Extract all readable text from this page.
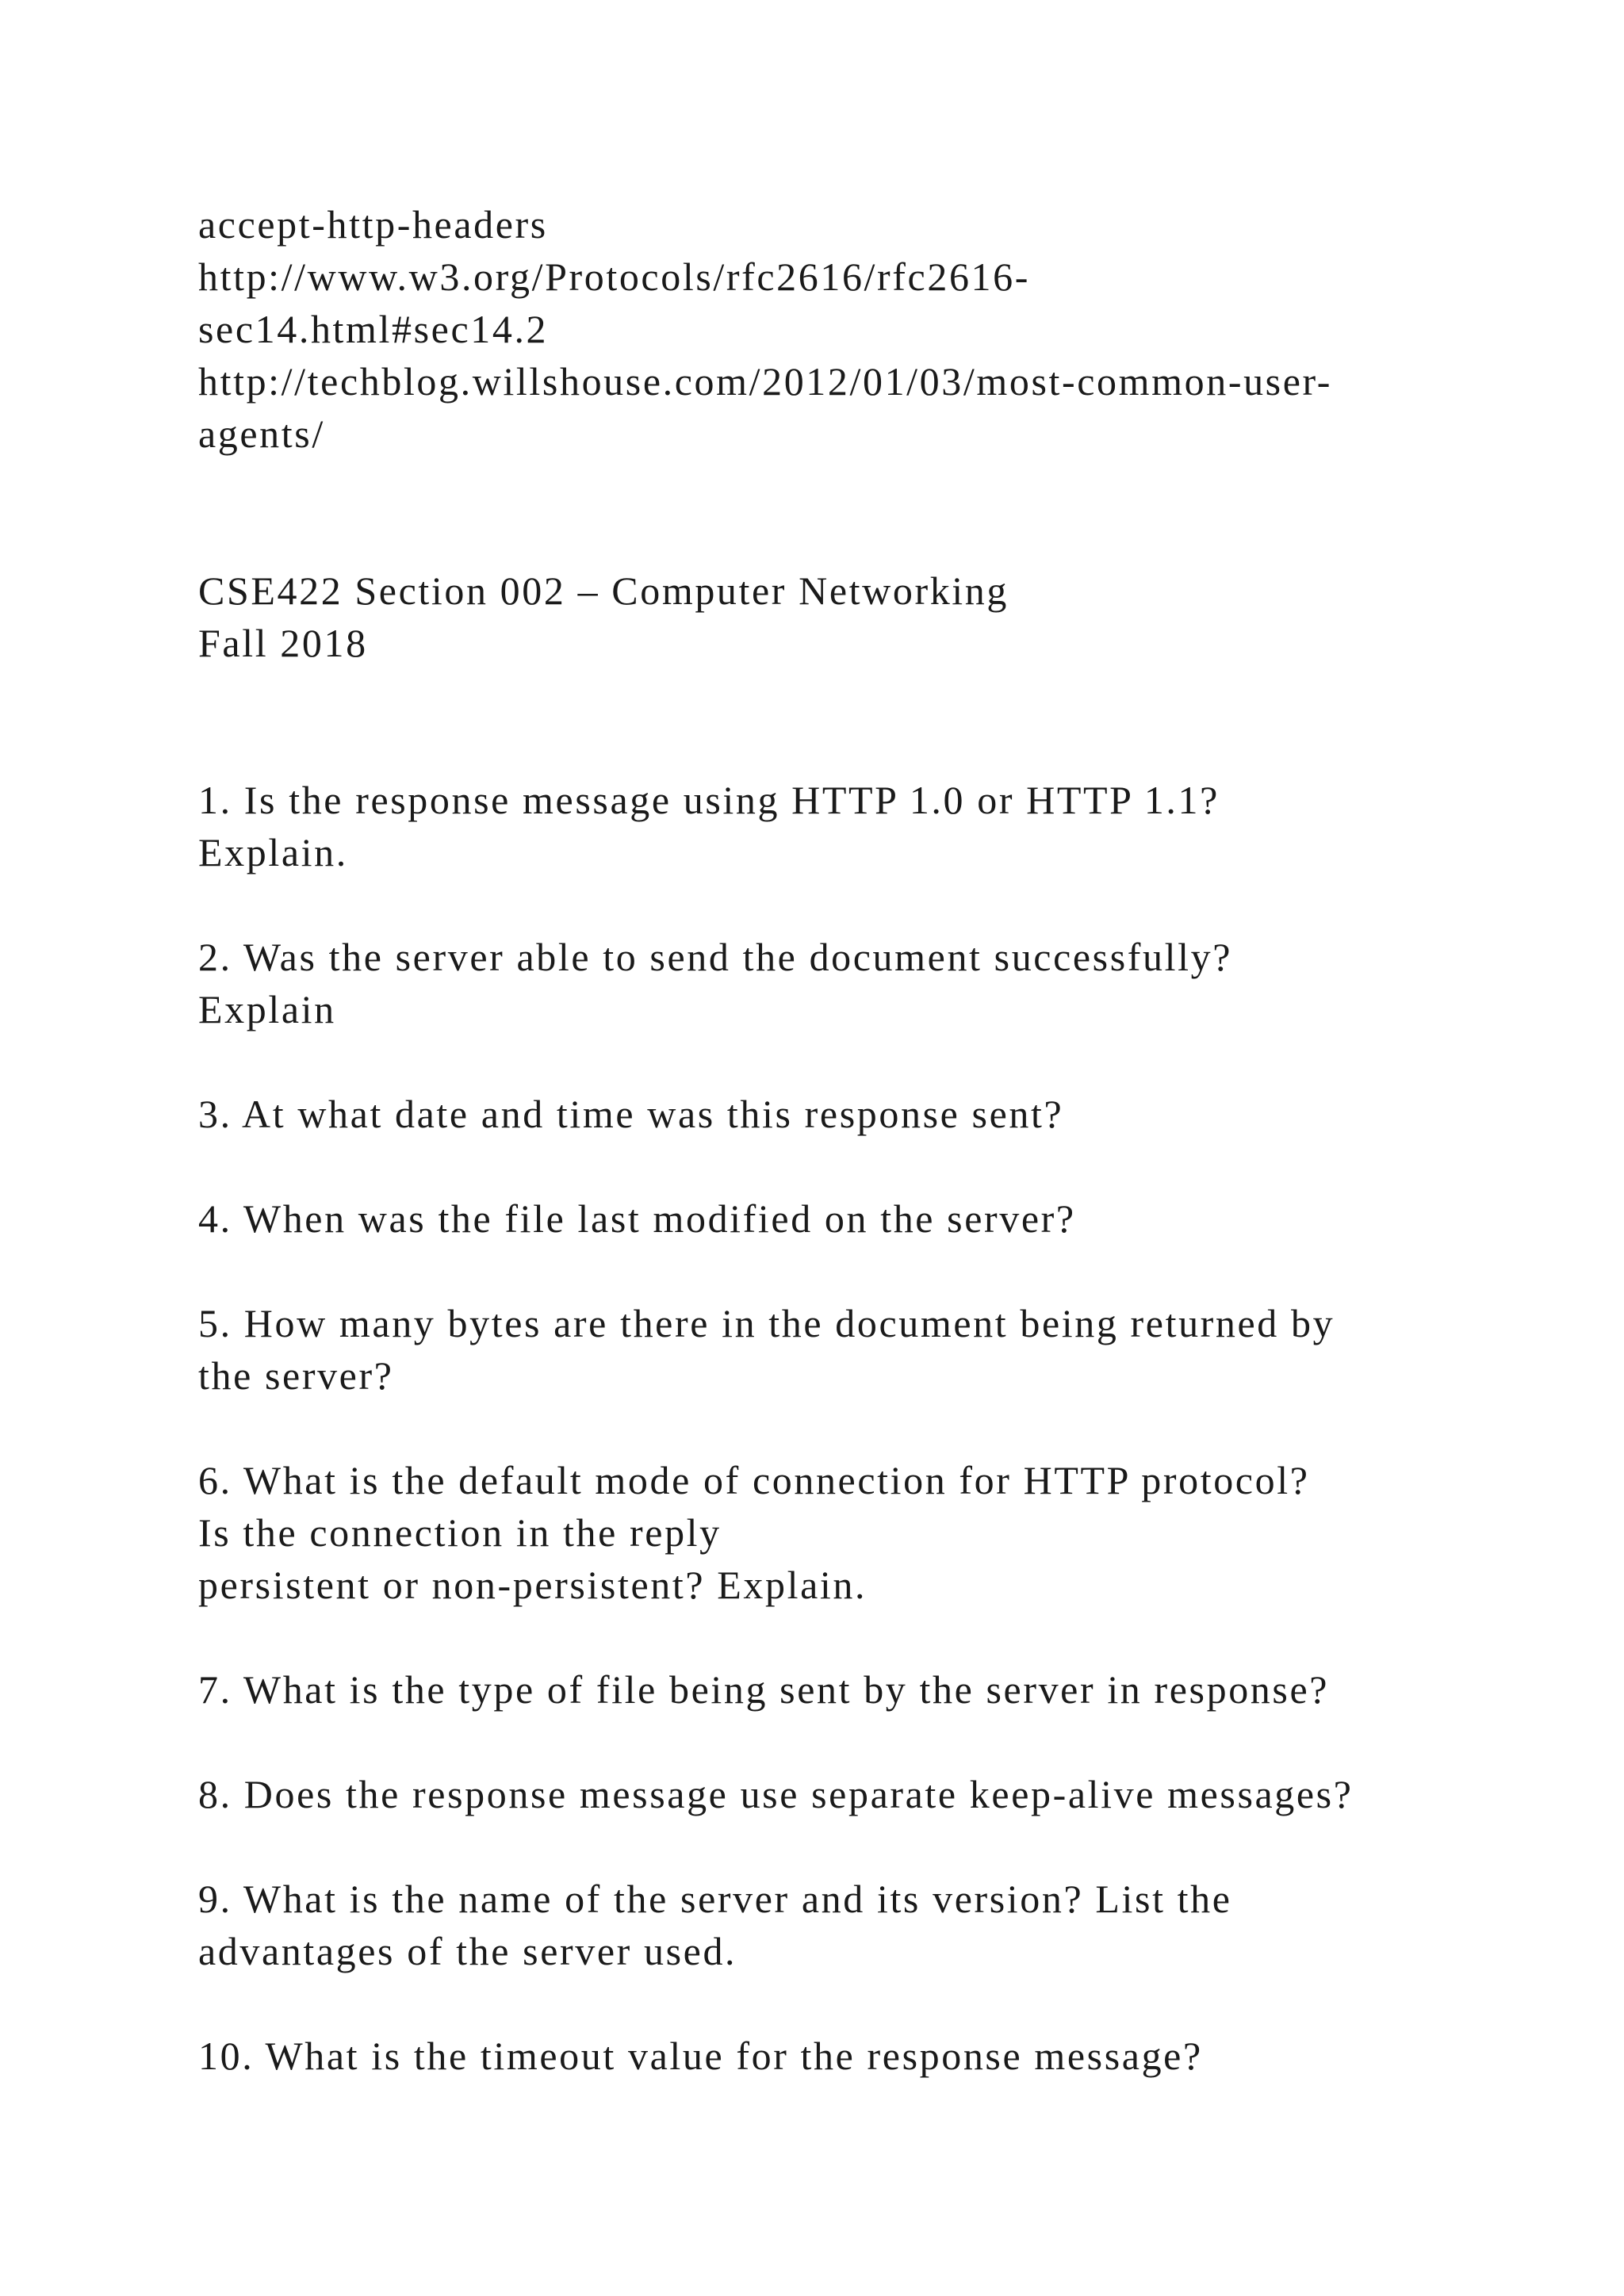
accept-http-headers

http://www.w3.org/Protocols/rfc2616/rfc2616-

sec14.html#sec14.2

http://techblog.willshouse.com/2012/01/03/most-common-user-

agents/

CSE422 Section 002 – Computer Networking

Fall 2018

1. Is the response message using HTTP 1.0 or HTTP 1.1?

Explain.

2. Was the server able to send the document successfully?

Explain

3. At what date and time was this response sent?

4. When was the file last modified on the server?

5. How many bytes are there in the document being returned by

the server?

6. What is the default mode of connection for HTTP protocol?

Is the connection in the reply

persistent or non-persistent? Explain.

7. What is the type of file being sent by the server in response?

8. Does the response message use separate keep-alive messages?

9. What is the name of the server and its version? List the

advantages of the server used.

10. What is the timeout value for the response message?
